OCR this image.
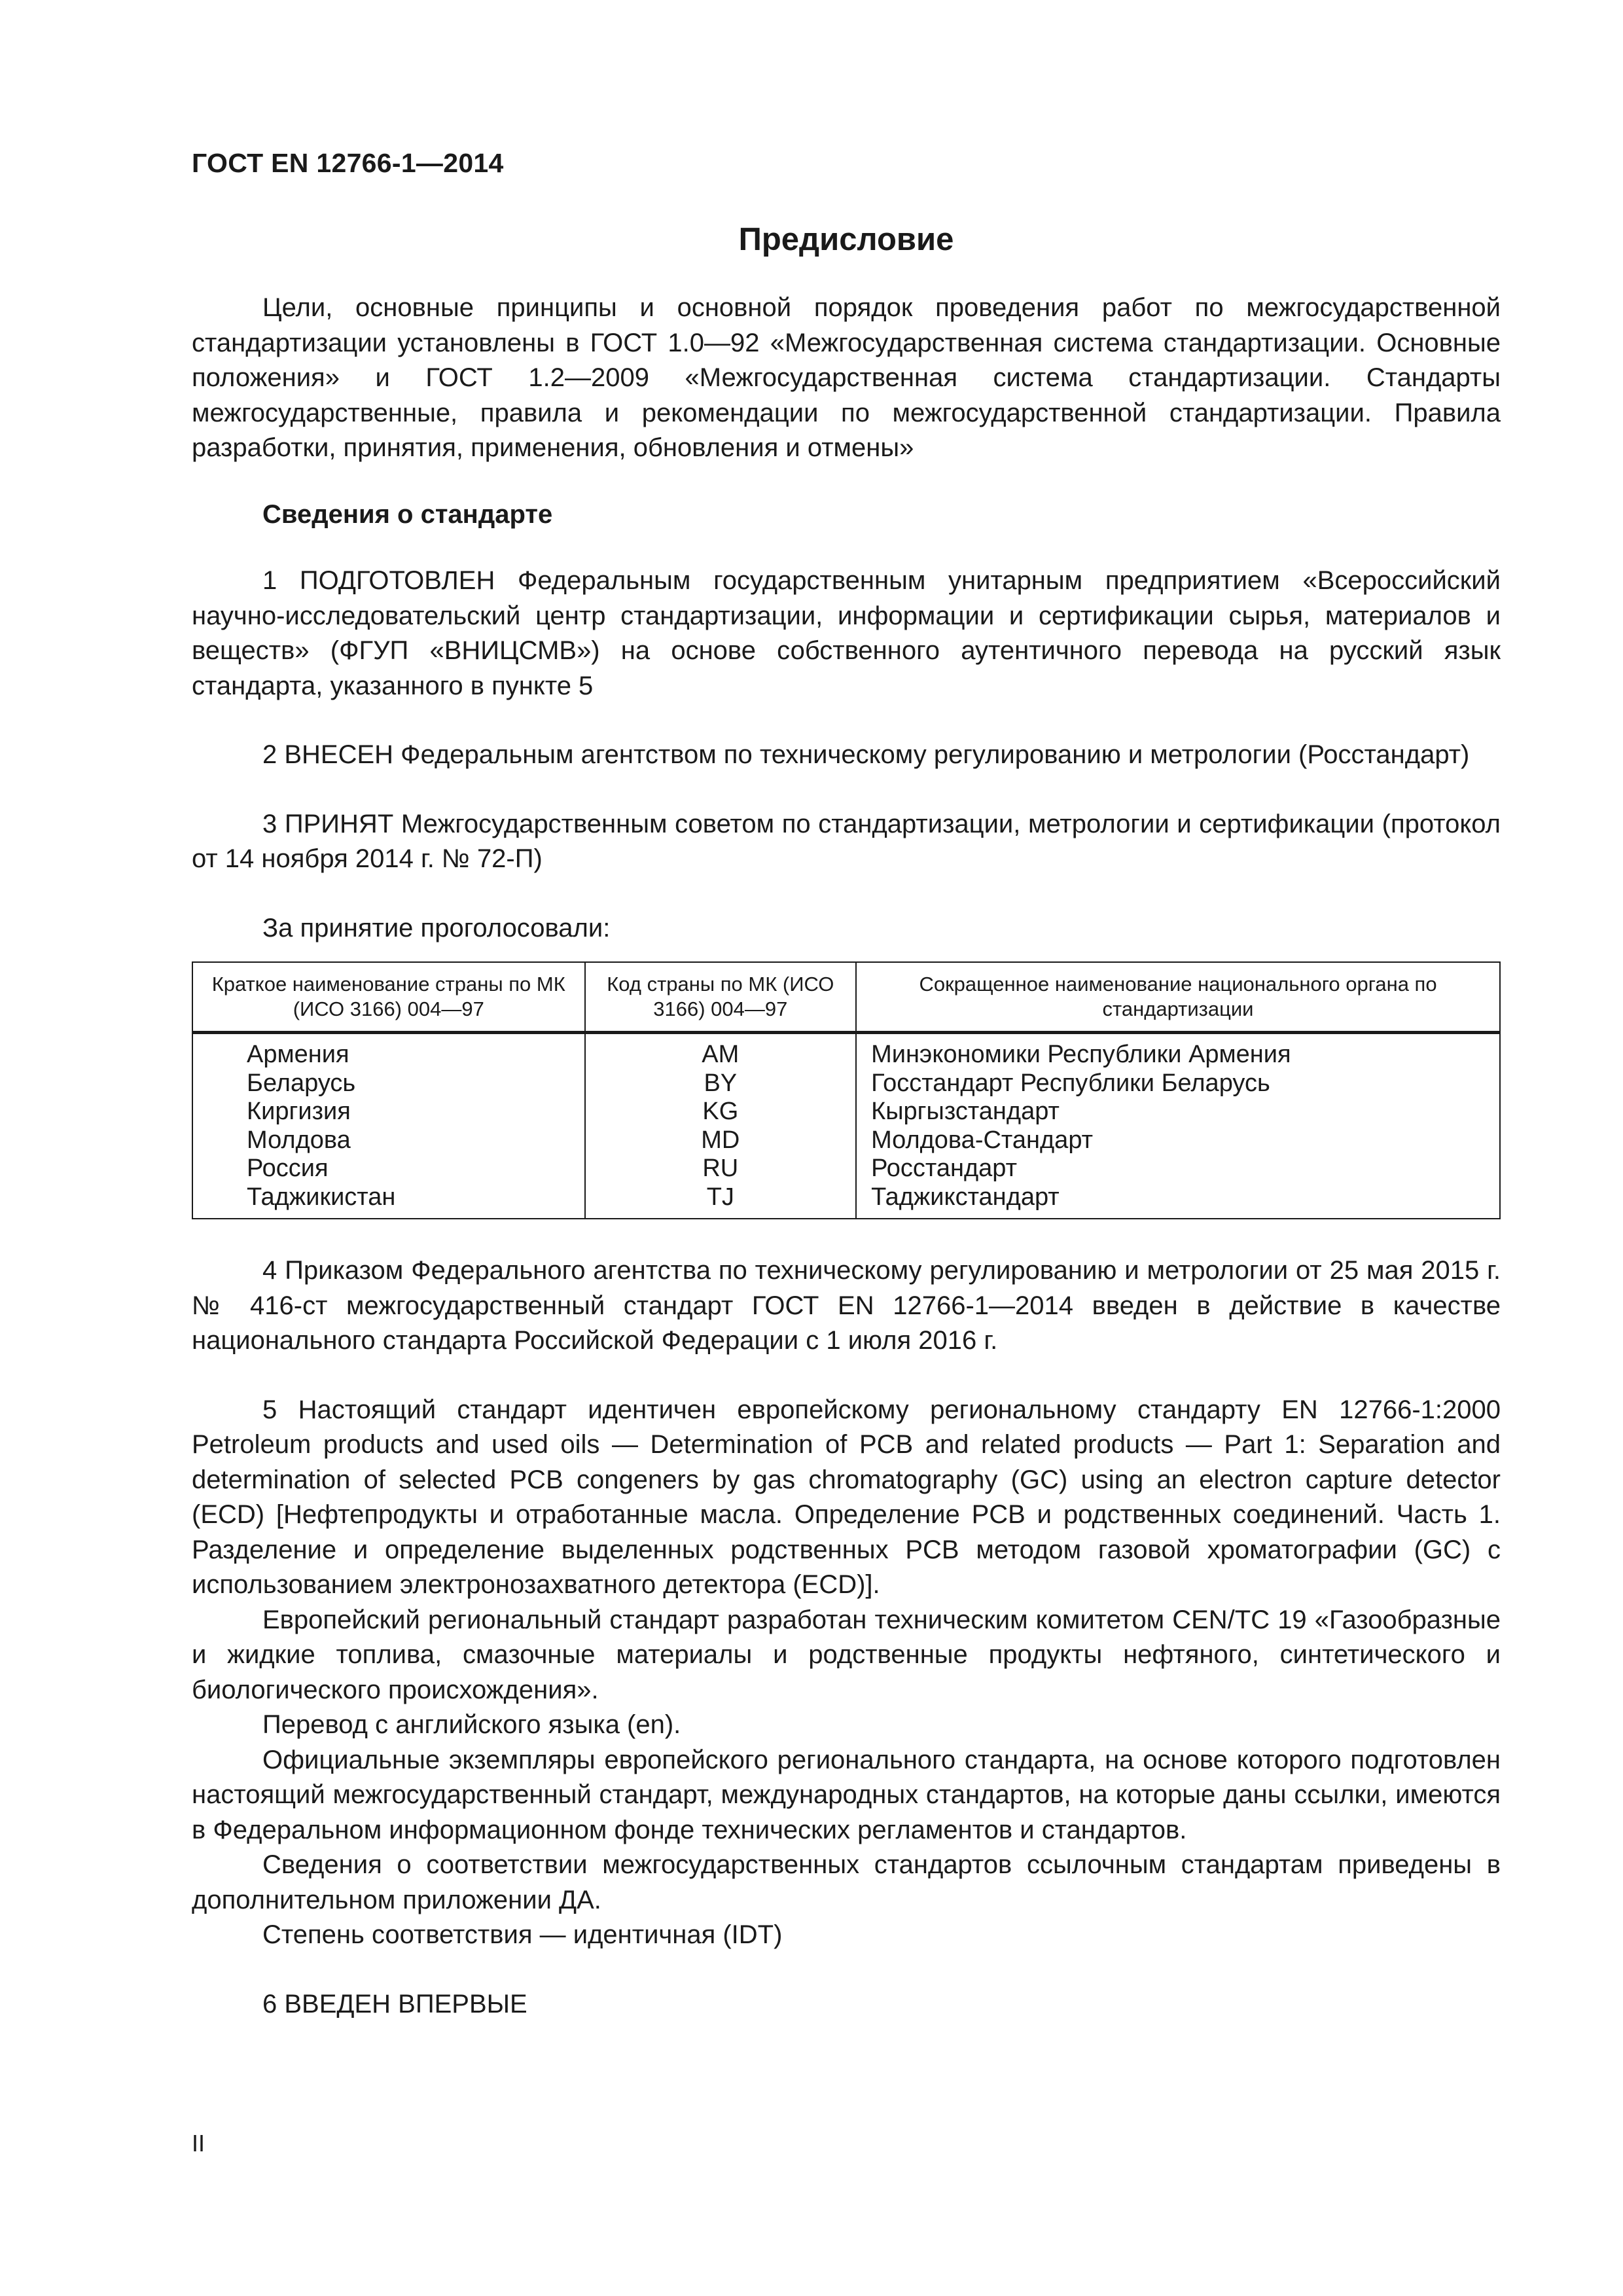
ГОСТ EN 12766-1—2014
Предисловие

Цели, основные принципы и основной порядок проведения работ по межгосударственной стандартизации установлены в ГОСТ 1.0—92 «Межгосударственная система стандартизации. Основные положения» и ГОСТ 1.2—2009 «Межгосударственная система стандартизации. Стандарты межгосударственные, правила и рекомендации по межгосударственной стандартизации. Правила разработки, принятия, применения, обновления и отмены»

Сведения о стандарте

1 ПОДГОТОВЛЕН Федеральным государственным унитарным предприятием «Всероссийский научно-исследовательский центр стандартизации, информации и сертификации сырья, материалов и веществ» (ФГУП «ВНИЦСМВ») на основе собственного аутентичного перевода на русский язык стандарта, указанного в пункте 5

2 ВНЕСЕН Федеральным агентством по техническому регулированию и метрологии (Росстандарт)

3 ПРИНЯТ Межгосударственным советом по стандартизации, метрологии и сертификации (протокол от 14 ноября 2014 г. № 72-П)

За принятие проголосовали:

Краткое наименование страны по МК (ИСО 3166) 004—97	Код страны по МК (ИСО 3166) 004—97	Сокращенное наименование национального органа по стандартизации
Армения	AM	Минэкономики Республики Армения
Беларусь	BY	Госстандарт Республики Беларусь
Киргизия	KG	Кыргызстандарт
Молдова	MD	Молдова-Стандарт
Россия	RU	Росстандарт
Таджикистан	TJ	Таджикстандарт

4 Приказом Федерального агентства по техническому регулированию и метрологии от 25 мая 2015 г. № 416-ст межгосударственный стандарт ГОСТ EN 12766-1—2014 введен в действие в качестве национального стандарта Российской Федерации с 1 июля 2016 г.

5 Настоящий стандарт идентичен европейскому региональному стандарту EN 12766-1:2000 Petroleum products and used oils — Determination of PCB and related products — Part 1: Separation and determination of selected PCB congeners by gas chromatography (GC) using an electron capture detector (ECD) [Нефтепродукты и отработанные масла. Определение PCB и родственных соединений. Часть 1. Разделение и определение выделенных родственных PCB методом газовой хроматографии (GC) с использованием электронозахватного детектора (ECD)].

Европейский региональный стандарт разработан техническим комитетом CEN/TC 19 «Газообразные и жидкие топлива, смазочные материалы и родственные продукты нефтяного, синтетического и биологического происхождения».

Перевод с английского языка (en).

Официальные экземпляры европейского регионального стандарта, на основе которого подготовлен настоящий межгосударственный стандарт, международных стандартов, на которые даны ссылки, имеются в Федеральном информационном фонде технических регламентов и стандартов.

Сведения о соответствии межгосударственных стандартов ссылочным стандартам приведены в дополнительном приложении ДА.

Степень соответствия — идентичная (IDT)

6 ВВЕДЕН ВПЕРВЫЕ

II
